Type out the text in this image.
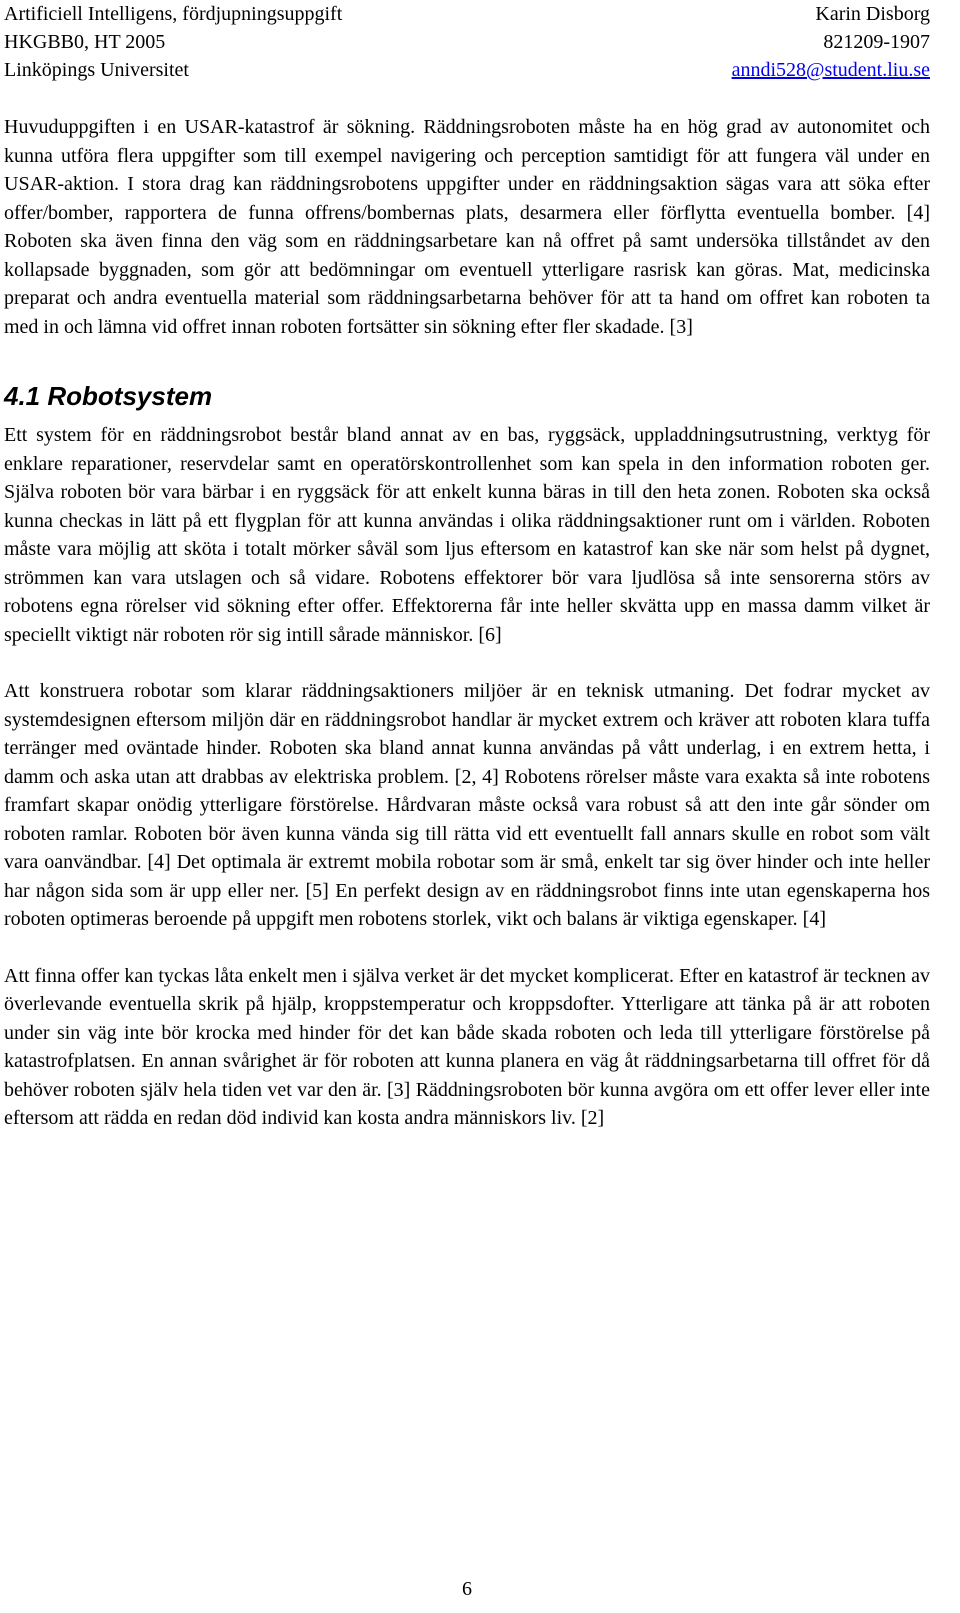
Artificiell Intelligens, fördjupningsuppgift	Karin Disborg
HKGBB0, HT 2005	821209-1907
Linköpings Universitet	anndi528@student.liu.se

Huvuduppgiften i en USAR-katastrof är sökning. Räddningsroboten måste ha en hög grad av autonomitet och kunna utföra flera uppgifter som till exempel navigering och perception samtidigt för att fungera väl under en USAR-aktion. I stora drag kan räddningsrobotens uppgifter under en räddningsaktion sägas vara att söka efter offer/bomber, rapportera de funna offrens/bombernas plats, desarmera eller förflytta eventuella bomber. [4] Roboten ska även finna den väg som en räddningsarbetare kan nå offret på samt undersöka tillståndet av den kollapsade byggnaden, som gör att bedömningar om eventuell ytterligare rasrisk kan göras. Mat, medicinska preparat och andra eventuella material som räddningsarbetarna behöver för att ta hand om offret kan roboten ta med in och lämna vid offret innan roboten fortsätter sin sökning efter fler skadade. [3]

4.1 Robotsystem

Ett system för en räddningsrobot består bland annat av en bas, ryggsäck, uppladdningsutrustning, verktyg för enklare reparationer, reservdelar samt en operatörskontrollenhet som kan spela in den information roboten ger. Själva roboten bör vara bärbar i en ryggsäck för att enkelt kunna bäras in till den heta zonen. Roboten ska också kunna checkas in lätt på ett flygplan för att kunna användas i olika räddningsaktioner runt om i världen. Roboten måste vara möjlig att sköta i totalt mörker såväl som ljus eftersom en katastrof kan ske när som helst på dygnet, strömmen kan vara utslagen och så vidare. Robotens effektorer bör vara ljudlösa så inte sensorerna störs av robotens egna rörelser vid sökning efter offer. Effektorerna får inte heller skvätta upp en massa damm vilket är speciellt viktigt när roboten rör sig intill sårade människor. [6]

Att konstruera robotar som klarar räddningsaktioners miljöer är en teknisk utmaning. Det fodrar mycket av systemdesignen eftersom miljön där en räddningsrobot handlar är mycket extrem och kräver att roboten klara tuffa terränger med oväntade hinder. Roboten ska bland annat kunna användas på vått underlag, i en extrem hetta, i damm och aska utan att drabbas av elektriska problem. [2, 4] Robotens rörelser måste vara exakta så inte robotens framfart skapar onödig ytterligare förstörelse. Hårdvaran måste också vara robust så att den inte går sönder om roboten ramlar. Roboten bör även kunna vända sig till rätta vid ett eventuellt fall annars skulle en robot som vält vara oanvändbar. [4] Det optimala är extremt mobila robotar som är små, enkelt tar sig över hinder och inte heller har någon sida som är upp eller ner. [5] En perfekt design av en räddningsrobot finns inte utan egenskaperna hos roboten optimeras beroende på uppgift men robotens storlek, vikt och balans är viktiga egenskaper. [4]

Att finna offer kan tyckas låta enkelt men i själva verket är det mycket komplicerat. Efter en katastrof är tecknen av överlevande eventuella skrik på hjälp, kroppstemperatur och kroppsdofter. Ytterligare att tänka på är att roboten under sin väg inte bör krocka med hinder för det kan både skada roboten och leda till ytterligare förstörelse på katastrofplatsen. En annan svårighet är för roboten att kunna planera en väg åt räddningsarbetarna till offret för då behöver roboten själv hela tiden vet var den är. [3] Räddningsroboten bör kunna avgöra om ett offer lever eller inte eftersom att rädda en redan död individ kan kosta andra människors liv. [2]

6
